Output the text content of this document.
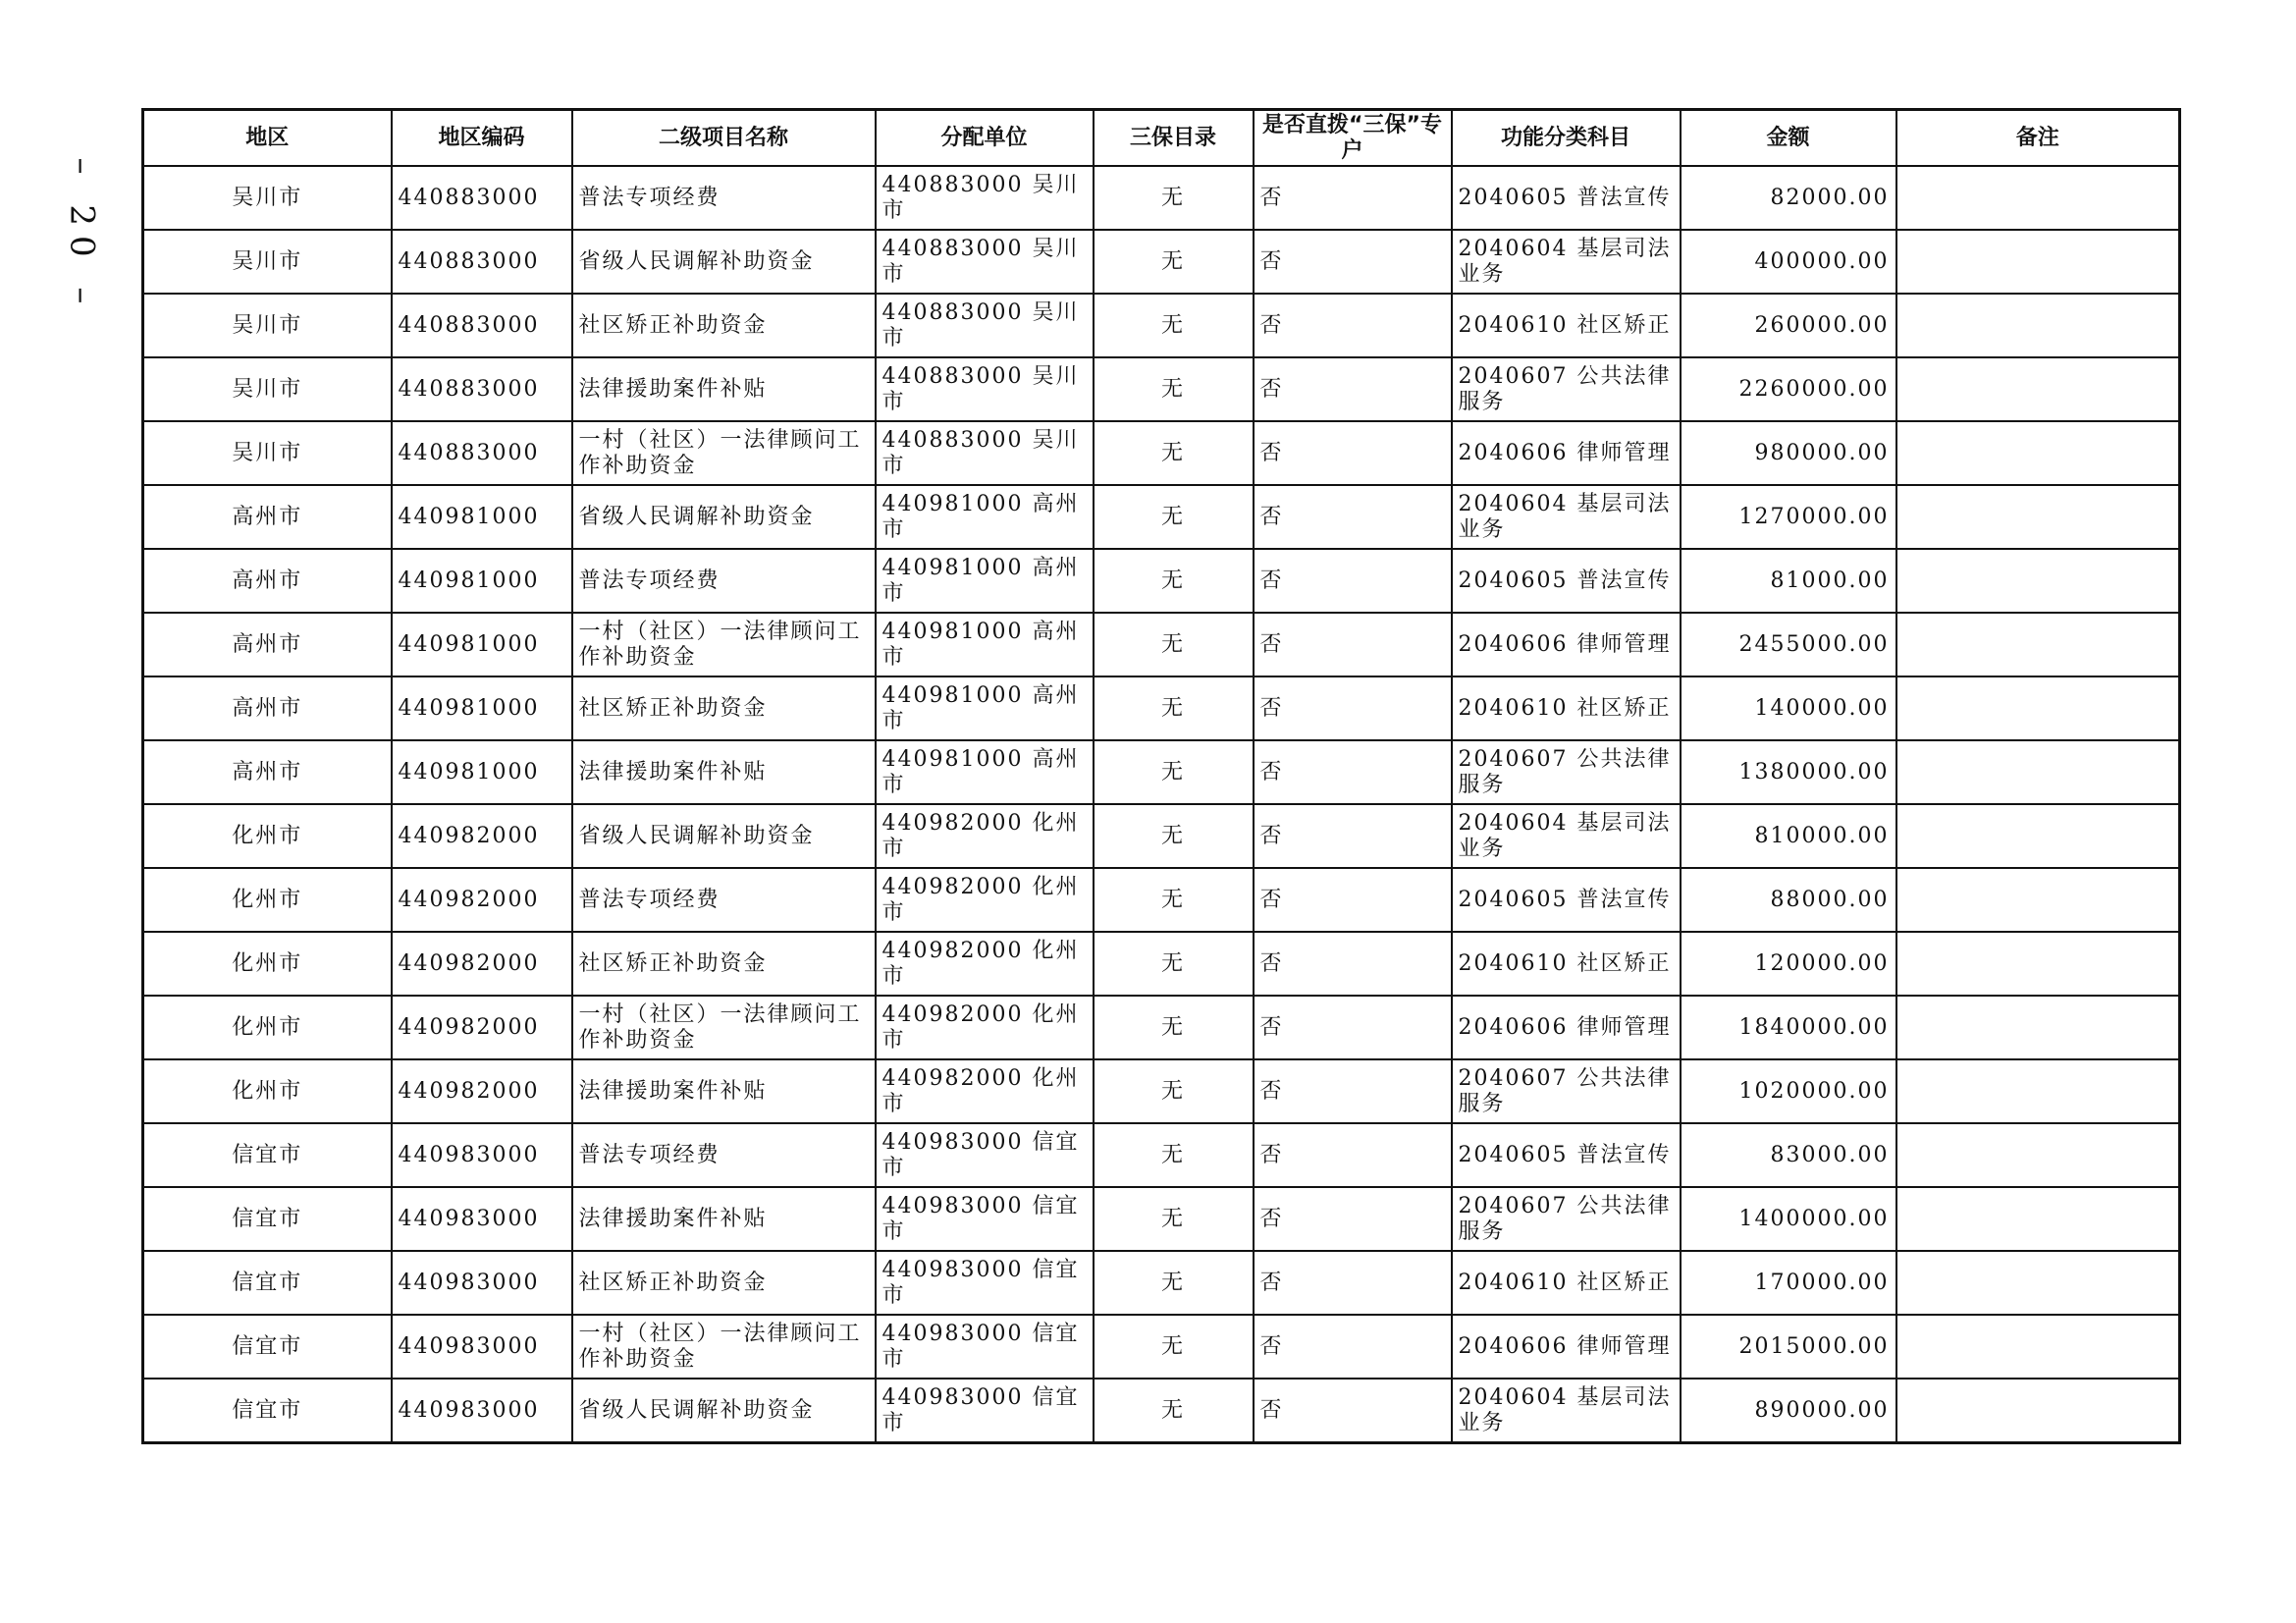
– 20 –
地区	地区编码	二级项目名称	分配单位	三保目录	是否直拨“三保”专户	功能分类科目	金额	备注
吴川市	440883000	普法专项经费	440883000 吴川市	无	否	2040605 普法宣传	82000.00	
吴川市	440883000	省级人民调解补助资金	440883000 吴川市	无	否	2040604 基层司法业务	400000.00	
吴川市	440883000	社区矫正补助资金	440883000 吴川市	无	否	2040610 社区矫正	260000.00	
吴川市	440883000	法律援助案件补贴	440883000 吴川市	无	否	2040607 公共法律服务	2260000.00	
吴川市	440883000	一村（社区）一法律顾问工作补助资金	440883000 吴川市	无	否	2040606 律师管理	980000.00	
高州市	440981000	省级人民调解补助资金	440981000 高州市	无	否	2040604 基层司法业务	1270000.00	
高州市	440981000	普法专项经费	440981000 高州市	无	否	2040605 普法宣传	81000.00	
高州市	440981000	一村（社区）一法律顾问工作补助资金	440981000 高州市	无	否	2040606 律师管理	2455000.00	
高州市	440981000	社区矫正补助资金	440981000 高州市	无	否	2040610 社区矫正	140000.00	
高州市	440981000	法律援助案件补贴	440981000 高州市	无	否	2040607 公共法律服务	1380000.00	
化州市	440982000	省级人民调解补助资金	440982000 化州市	无	否	2040604 基层司法业务	810000.00	
化州市	440982000	普法专项经费	440982000 化州市	无	否	2040605 普法宣传	88000.00	
化州市	440982000	社区矫正补助资金	440982000 化州市	无	否	2040610 社区矫正	120000.00	
化州市	440982000	一村（社区）一法律顾问工作补助资金	440982000 化州市	无	否	2040606 律师管理	1840000.00	
化州市	440982000	法律援助案件补贴	440982000 化州市	无	否	2040607 公共法律服务	1020000.00	
信宜市	440983000	普法专项经费	440983000 信宜市	无	否	2040605 普法宣传	83000.00	
信宜市	440983000	法律援助案件补贴	440983000 信宜市	无	否	2040607 公共法律服务	1400000.00	
信宜市	440983000	社区矫正补助资金	440983000 信宜市	无	否	2040610 社区矫正	170000.00	
信宜市	440983000	一村（社区）一法律顾问工作补助资金	440983000 信宜市	无	否	2040606 律师管理	2015000.00	
信宜市	440983000	省级人民调解补助资金	440983000 信宜市	无	否	2040604 基层司法业务	890000.00	
